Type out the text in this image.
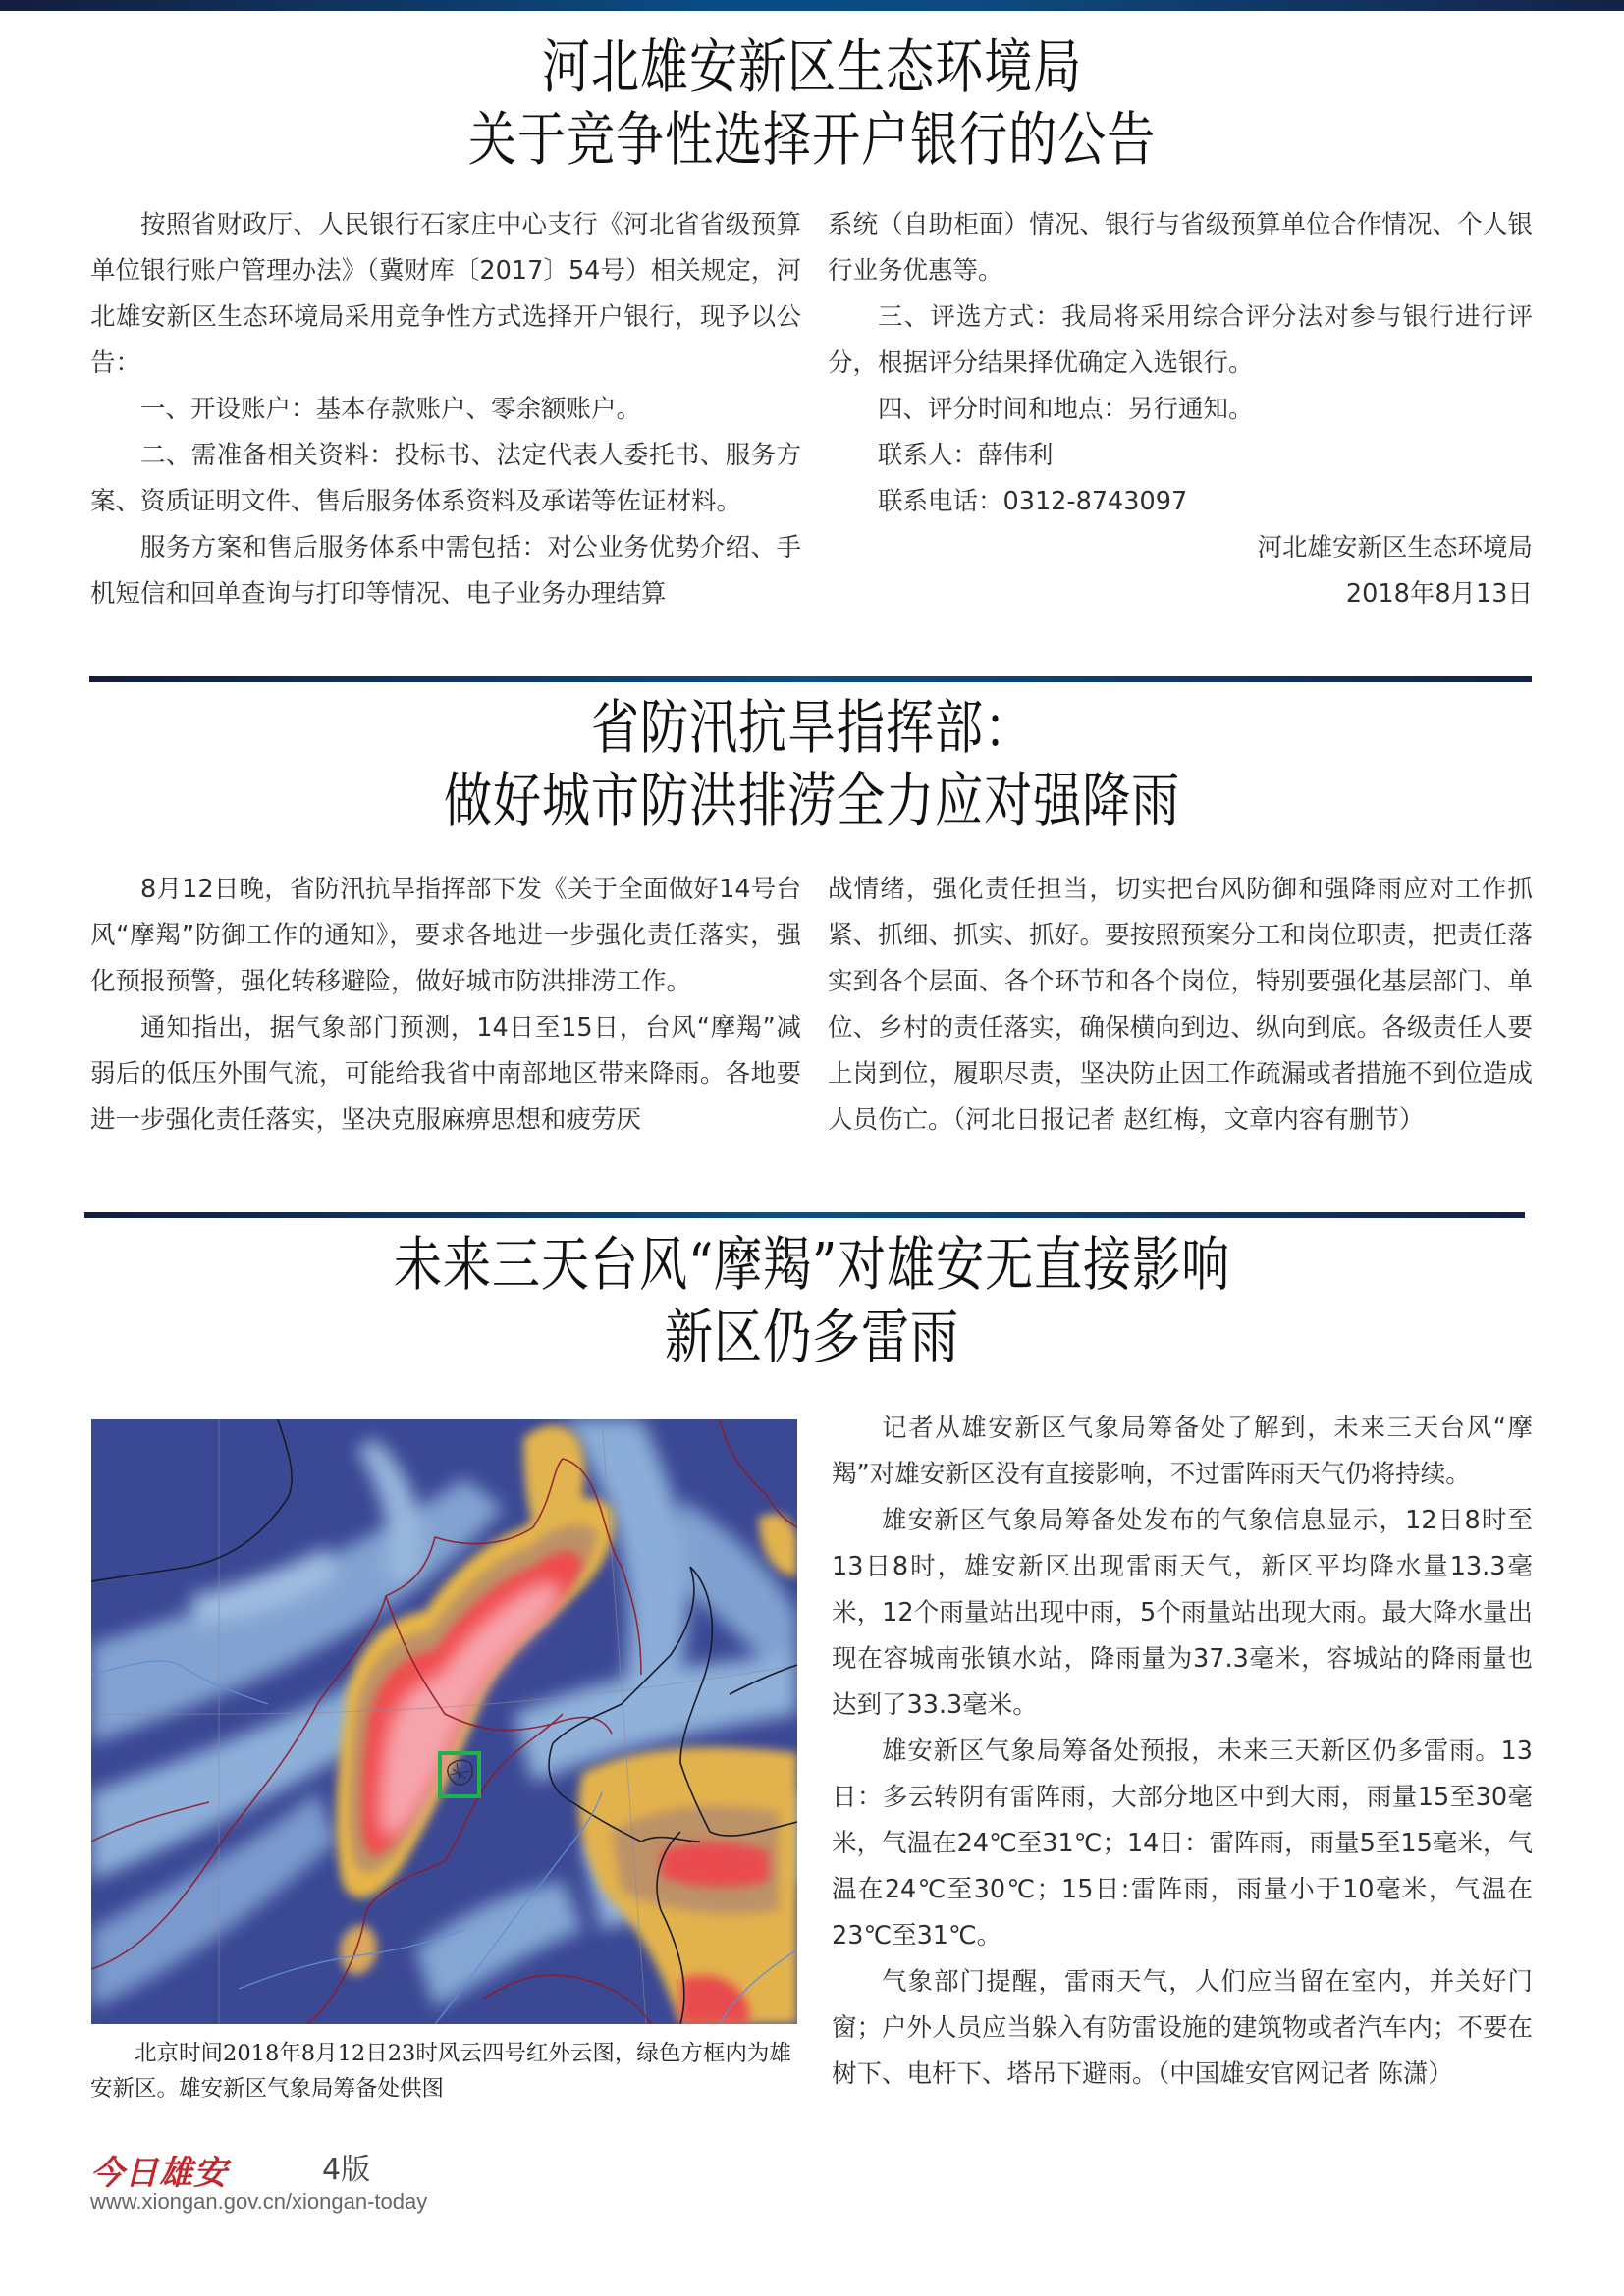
河北雄安新区生态环境局
关于竞争性选择开户银行的公告

按照省财政厅、人民银行石家庄中心支行《河北省省级预算单位银行账户管理办法》（冀财库〔2017〕54号）相关规定，河北雄安新区生态环境局采用竞争性方式选择开户银行，现予以公告：

一、开设账户：基本存款账户、零余额账户。

二、需准备相关资料：投标书、法定代表人委托书、服务方案、资质证明文件、售后服务体系资料及承诺等佐证材料。

服务方案和售后服务体系中需包括：对公业务优势介绍、手机短信和回单查询与打印等情况、电子业务办理结算

系统（自助柜面）情况、银行与省级预算单位合作情况、个人银行业务优惠等。

三、评选方式：我局将采用综合评分法对参与银行进行评分，根据评分结果择优确定入选银行。

四、评分时间和地点：另行通知。

联系人：薛伟利

联系电话：0312-8743097

河北雄安新区生态环境局

2018年8月13日

省防汛抗旱指挥部：
做好城市防洪排涝全力应对强降雨

8月12日晚，省防汛抗旱指挥部下发《关于全面做好14号台风“摩羯”防御工作的通知》，要求各地进一步强化责任落实，强化预报预警，强化转移避险，做好城市防洪排涝工作。

通知指出，据气象部门预测，14日至15日，台风“摩羯”减弱后的低压外围气流，可能给我省中南部地区带来降雨。各地要进一步强化责任落实，坚决克服麻痹思想和疲劳厌

战情绪，强化责任担当，切实把台风防御和强降雨应对工作抓紧、抓细、抓实、抓好。要按照预案分工和岗位职责，把责任落实到各个层面、各个环节和各个岗位，特别要强化基层部门、单位、乡村的责任落实，确保横向到边、纵向到底。各级责任人要上岗到位，履职尽责，坚决防止因工作疏漏或者措施不到位造成人员伤亡。（河北日报记者 赵红梅，文章内容有删节）

未来三天台风“摩羯”对雄安无直接影响
新区仍多雷雨

北京时间2018年8月12日23时风云四号红外云图，绿色方框内为雄安新区。雄安新区气象局筹备处供图

记者从雄安新区气象局筹备处了解到，未来三天台风“摩羯”对雄安新区没有直接影响，不过雷阵雨天气仍将持续。

雄安新区气象局筹备处发布的气象信息显示，12日8时至13日8时，雄安新区出现雷雨天气，新区平均降水量13.3毫米，12个雨量站出现中雨，5个雨量站出现大雨。最大降水量出现在容城南张镇水站，降雨量为37.3毫米，容城站的降雨量也达到了33.3毫米。

雄安新区气象局筹备处预报，未来三天新区仍多雷雨。13日：多云转阴有雷阵雨，大部分地区中到大雨，雨量15至30毫米，气温在24℃至31℃；14日：雷阵雨，雨量5至15毫米，气温在24℃至30℃；15日:雷阵雨，雨量小于10毫米，气温在23℃至31℃。

气象部门提醒，雷雨天气，人们应当留在室内，并关好门窗；户外人员应当躲入有防雷设施的建筑物或者汽车内；不要在树下、电杆下、塔吊下避雨。（中国雄安官网记者 陈潇）

今日雄安	4版
www.xiongan.gov.cn/xiongan-today
